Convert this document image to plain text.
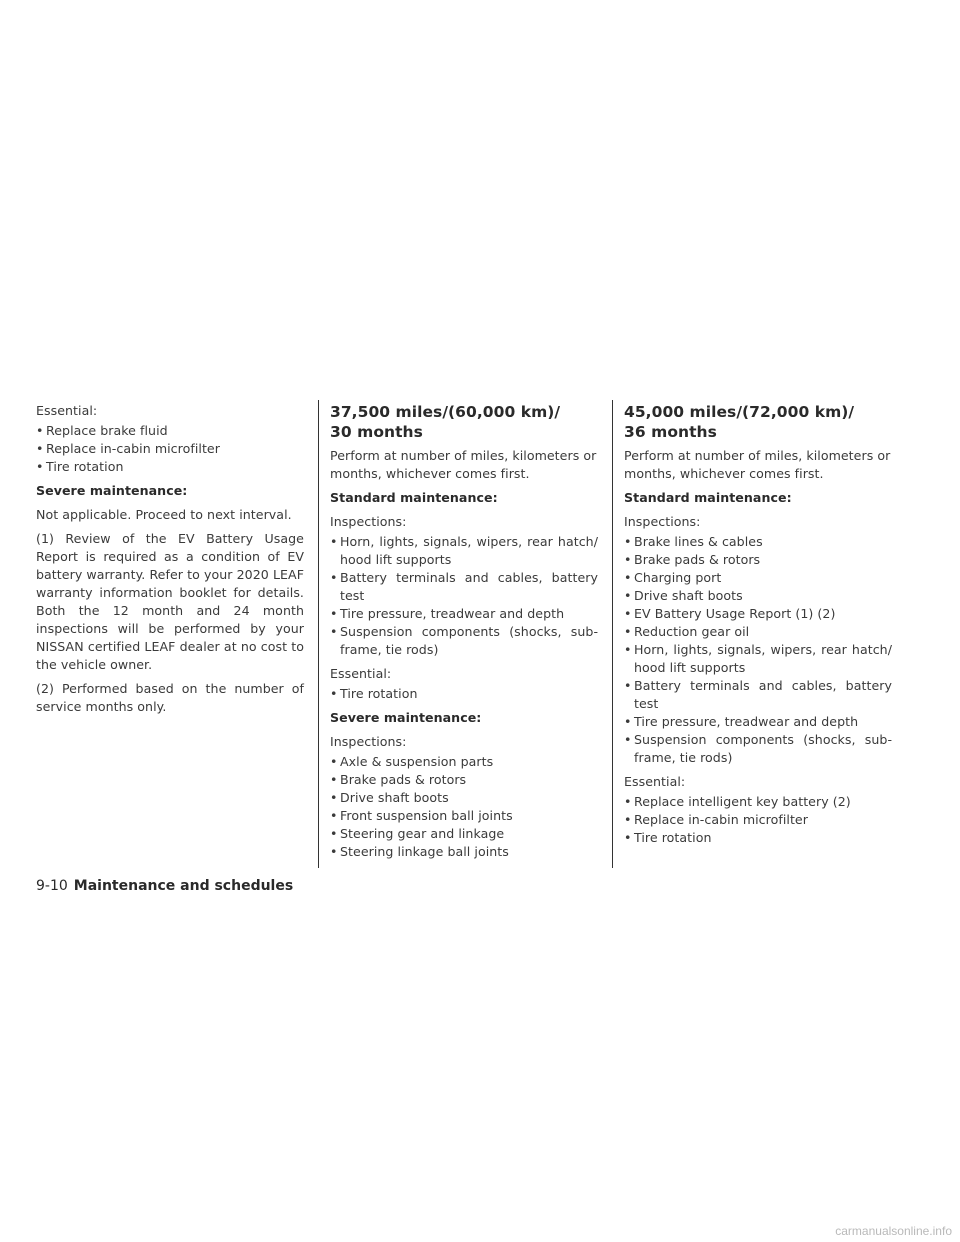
Essential:

• Replace brake fluid
• Replace in-cabin microfilter
• Tire rotation

Severe maintenance:

Not applicable. Proceed to next interval.

(1) Review of the EV Battery Usage Report is required as a condition of EV battery warranty. Refer to your 2020 LEAF warranty information booklet for details. Both the 12 month and 24 month inspections will be performed by your NISSAN certified LEAF dealer at no cost to the vehicle owner.

(2) Performed based on the number of service months only.

37,500 miles/(60,000 km)/
30 months

Perform at number of miles, kilometers or months, whichever comes first.

Standard maintenance:

Inspections:

• Horn, lights, signals, wipers, rear hatch/ hood lift supports
• Battery terminals and cables, battery test
• Tire pressure, treadwear and depth
• Suspension components (shocks, subframe, tie rods)

Essential:

• Tire rotation

Severe maintenance:

Inspections:

• Axle & suspension parts
• Brake pads & rotors
• Drive shaft boots
• Front suspension ball joints
• Steering gear and linkage
• Steering linkage ball joints
45,000 miles/(72,000 km)/
36 months

Perform at number of miles, kilometers or months, whichever comes first.

Standard maintenance:

Inspections:

• Brake lines & cables
• Brake pads & rotors
• Charging port
• Drive shaft boots
• EV Battery Usage Report (1) (2)
• Reduction gear oil
• Horn, lights, signals, wipers, rear hatch/ hood lift supports
• Battery terminals and cables, battery test
• Tire pressure, treadwear and depth
• Suspension components (shocks, subframe, tie rods)

Essential:

• Replace intelligent key battery (2)
• Replace in-cabin microfilter
• Tire rotation
9-10 Maintenance and schedules
carmanualsonline.info
